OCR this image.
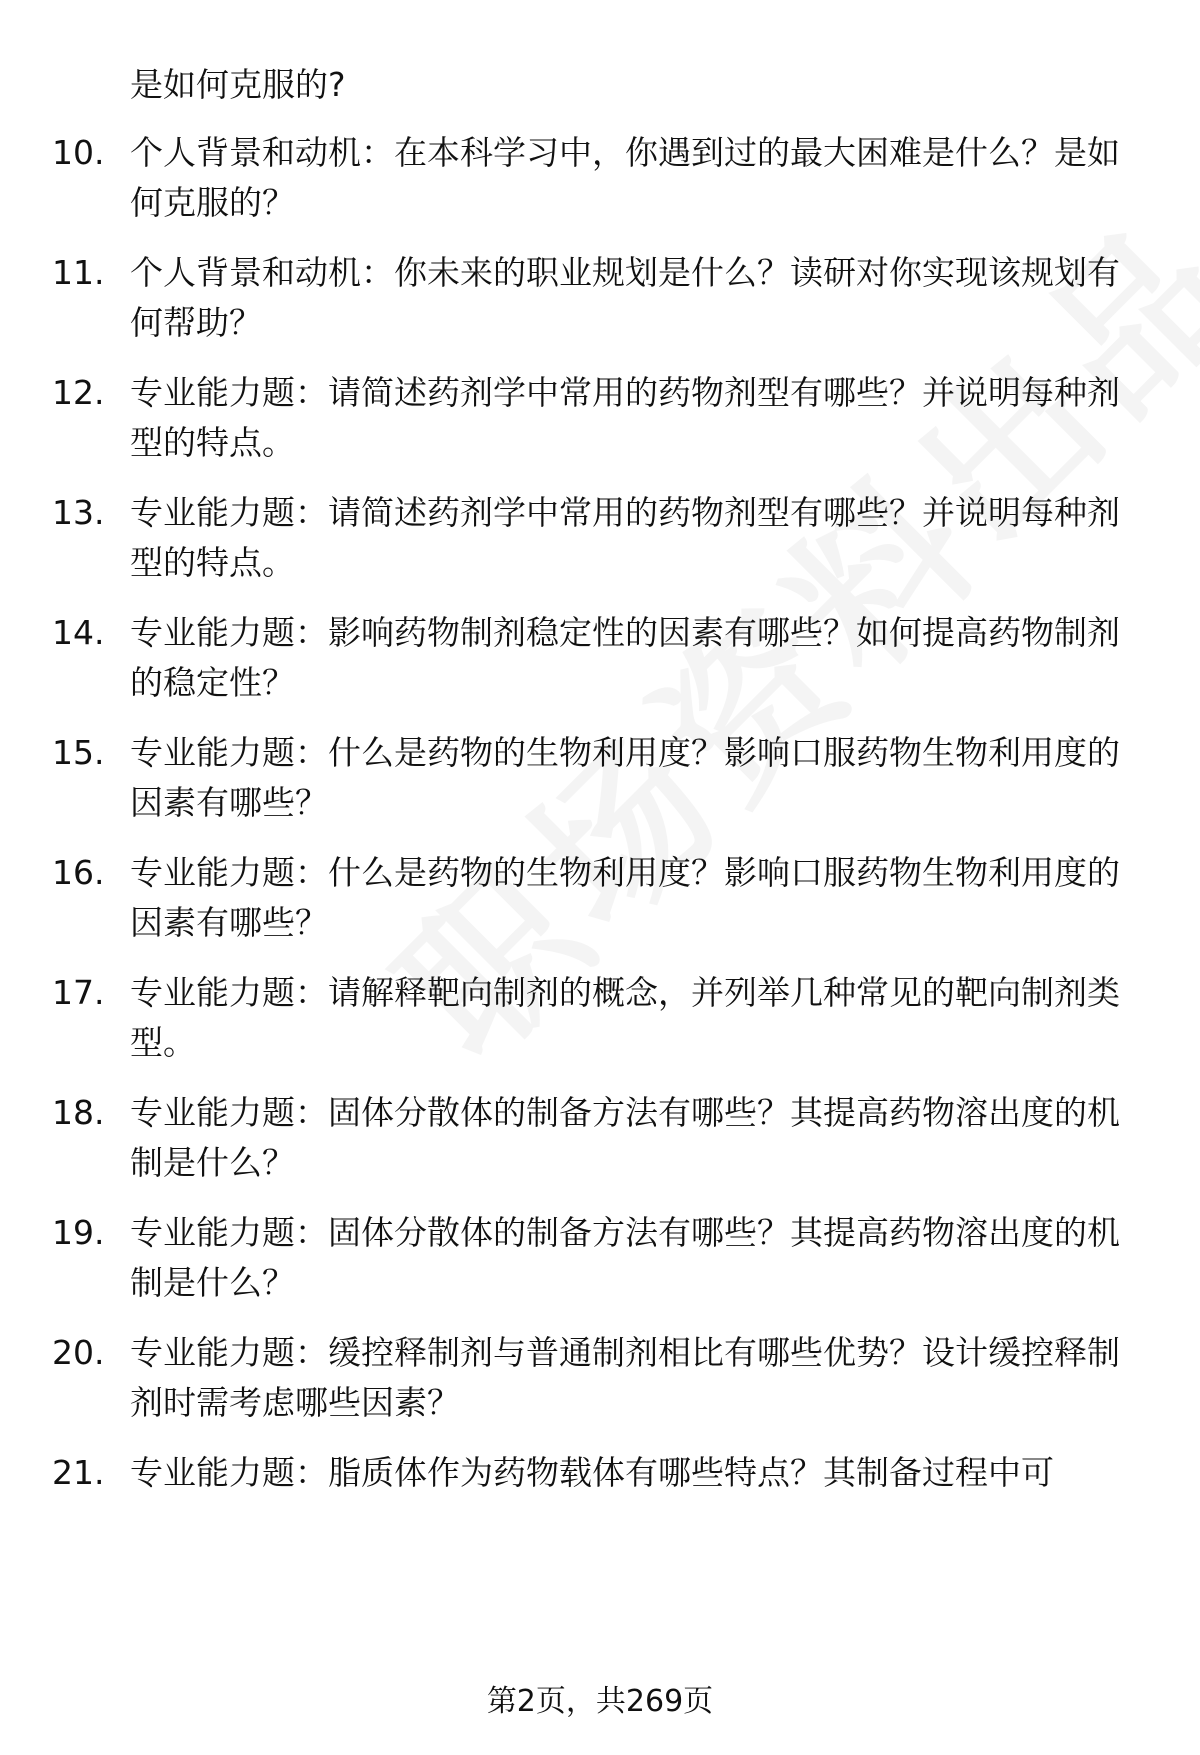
是如何克服的?
10. 个人背景和动机：在本科学习中，你遇到过的最大困难是什么？是如何克服的？
11. 个人背景和动机：你未来的职业规划是什么？读研对你实现该规划有何帮助？
12. 专业能力题：请简述药剂学中常用的药物剂型有哪些？并说明每种剂型的特点。
13. 专业能力题：请简述药剂学中常用的药物剂型有哪些？并说明每种剂型的特点。
14. 专业能力题：影响药物制剂稳定性的因素有哪些？如何提高药物制剂的稳定性？
15. 专业能力题：什么是药物的生物利用度？影响口服药物生物利用度的因素有哪些？
16. 专业能力题：什么是药物的生物利用度？影响口服药物生物利用度的因素有哪些？
17. 专业能力题：请解释靶向制剂的概念，并列举几种常见的靶向制剂类型。
18. 专业能力题：固体分散体的制备方法有哪些？其提高药物溶出度的机制是什么？
19. 专业能力题：固体分散体的制备方法有哪些？其提高药物溶出度的机制是什么？
20. 专业能力题：缓控释制剂与普通制剂相比有哪些优势？设计缓控释制剂时需考虑哪些因素？
21. 专业能力题：脂质体作为药物载体有哪些特点？其制备过程中可
第2页，共269页
